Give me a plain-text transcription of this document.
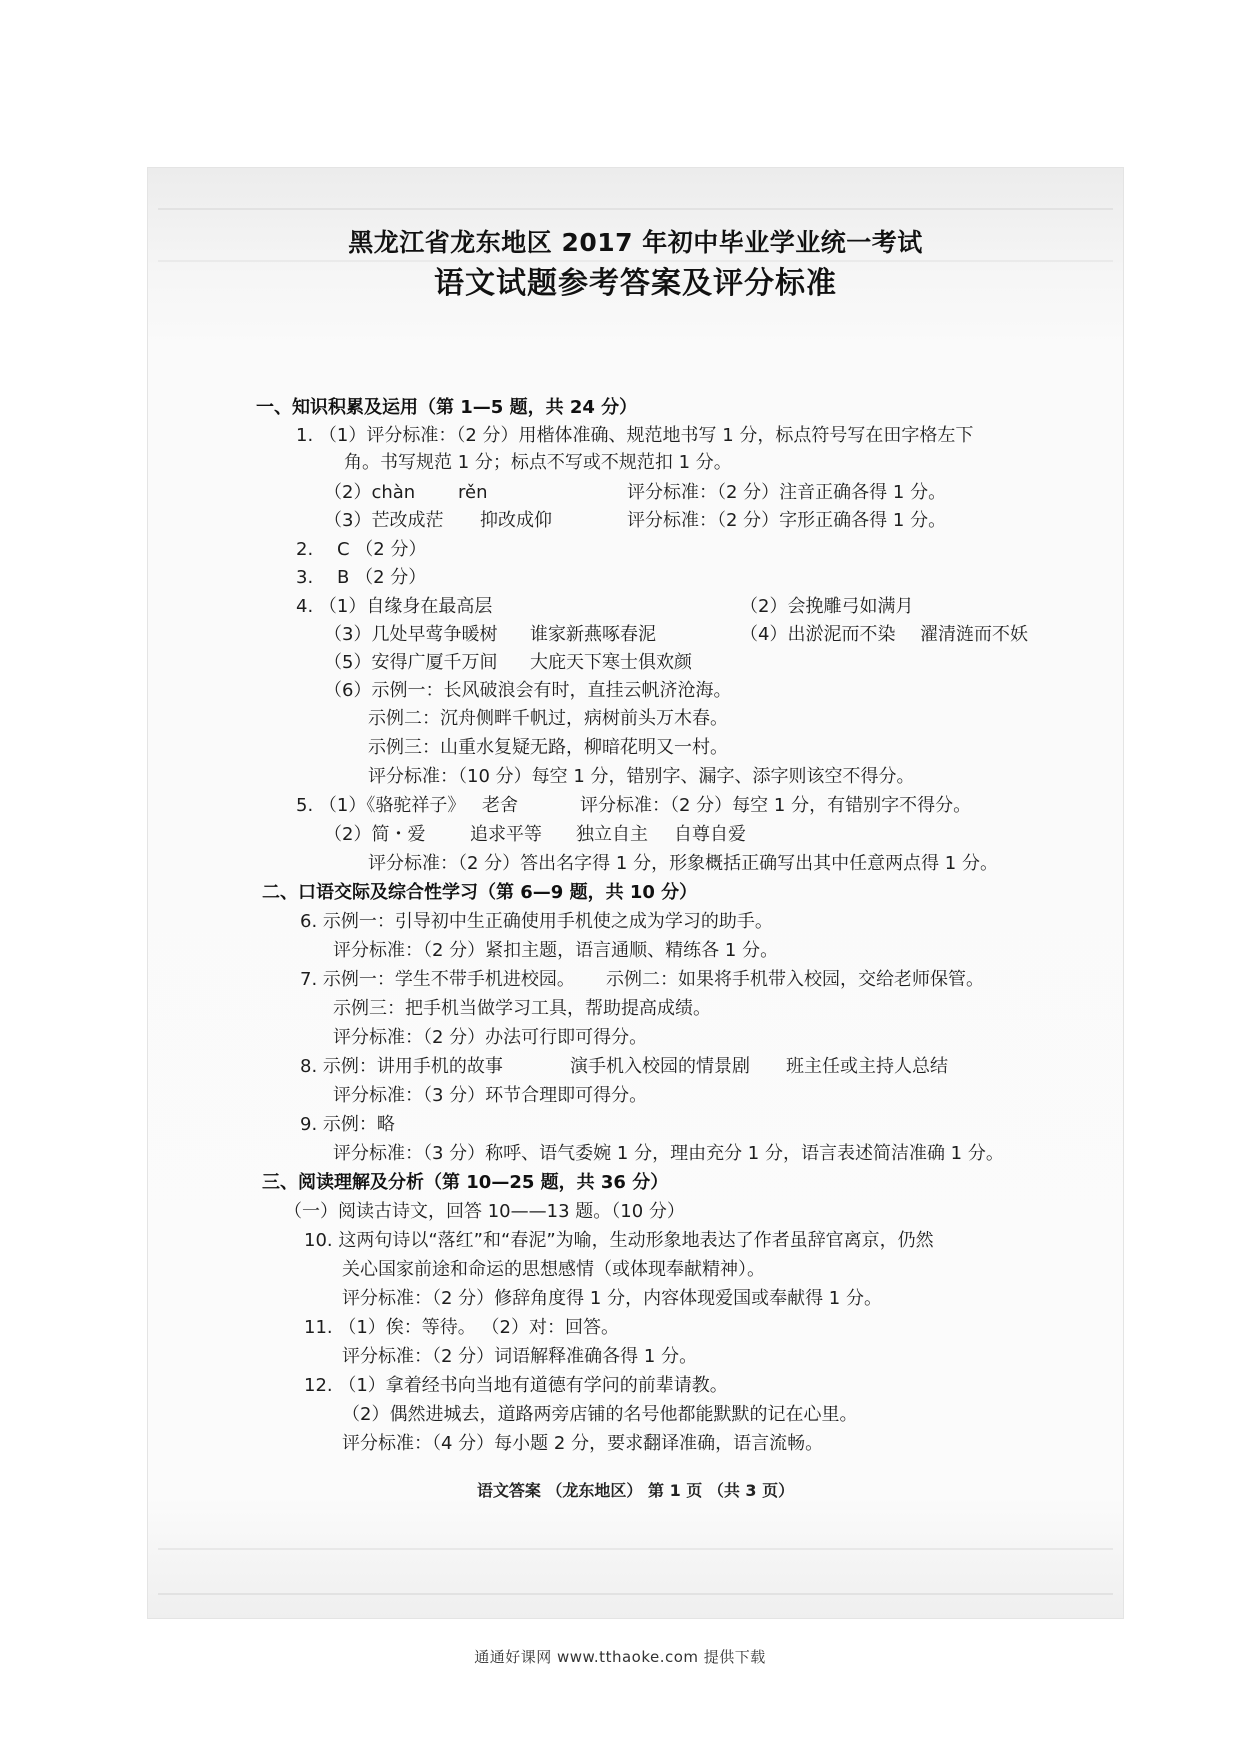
黑龙江省龙东地区 2017 年初中毕业学业统一考试
语文试题参考答案及评分标准
一、知识积累及运用（第 1—5 题，共 24 分）
1. （1）评分标准：（2 分）用楷体准确、规范地书写 1 分，标点符号写在田字格左下
角。书写规范 1 分；标点不写或不规范扣 1 分。
（2）chàn rěn	评分标准：（2 分）注音正确各得 1 分。
（3）芒改成茫 抑改成仰	评分标准：（2 分）字形正确各得 1 分。
2. C （2 分）
3. B （2 分）
4. （1）自缘身在最高层	（2）会挽雕弓如满月
（3）几处早莺争暖树 谁家新燕啄春泥	（4）出淤泥而不染 濯清涟而不妖
（5）安得广厦千万间 大庇天下寒士俱欢颜
（6）示例一：长风破浪会有时，直挂云帆济沧海。
示例二：沉舟侧畔千帆过，病树前头万木春。
示例三：山重水复疑无路，柳暗花明又一村。
评分标准：（10 分）每空 1 分，错别字、漏字、添字则该空不得分。
5. （1）《骆驼祥子》 老舍	评分标准：（2 分）每空 1 分，有错别字不得分。
（2）简・爱 追求平等 独立自主 自尊自爱
评分标准：（2 分）答出名字得 1 分，形象概括正确写出其中任意两点得 1 分。
二、口语交际及综合性学习（第 6—9 题，共 10 分）
6. 示例一：引导初中生正确使用手机使之成为学习的助手。
评分标准：（2 分）紧扣主题，语言通顺、精练各 1 分。
7. 示例一：学生不带手机进校园。 示例二：如果将手机带入校园，交给老师保管。
示例三：把手机当做学习工具，帮助提高成绩。
评分标准：（2 分）办法可行即可得分。
8. 示例：讲用手机的故事	演手机入校园的情景剧 班主任或主持人总结
评分标准：（3 分）环节合理即可得分。
9. 示例：略
评分标准：（3 分）称呼、语气委婉 1 分，理由充分 1 分，语言表述简洁准确 1 分。
三、阅读理解及分析（第 10—25 题，共 36 分）
（一）阅读古诗文，回答 10——13 题。（10 分）
10. 这两句诗以“落红”和“春泥”为喻，生动形象地表达了作者虽辞官离京，仍然
关心国家前途和命运的思想感情（或体现奉献精神）。
评分标准：（2 分）修辞角度得 1 分，内容体现爱国或奉献得 1 分。
11. （1）俟：等待。 （2）对：回答。
评分标准：（2 分）词语解释准确各得 1 分。
12. （1）拿着经书向当地有道德有学问的前辈请教。
（2）偶然进城去，道路两旁店铺的名号他都能默默的记在心里。
评分标准：（4 分）每小题 2 分，要求翻译准确，语言流畅。
语文答案 （龙东地区） 第 1 页 （共 3 页）
通通好课网 www.tthaoke.com 提供下载
